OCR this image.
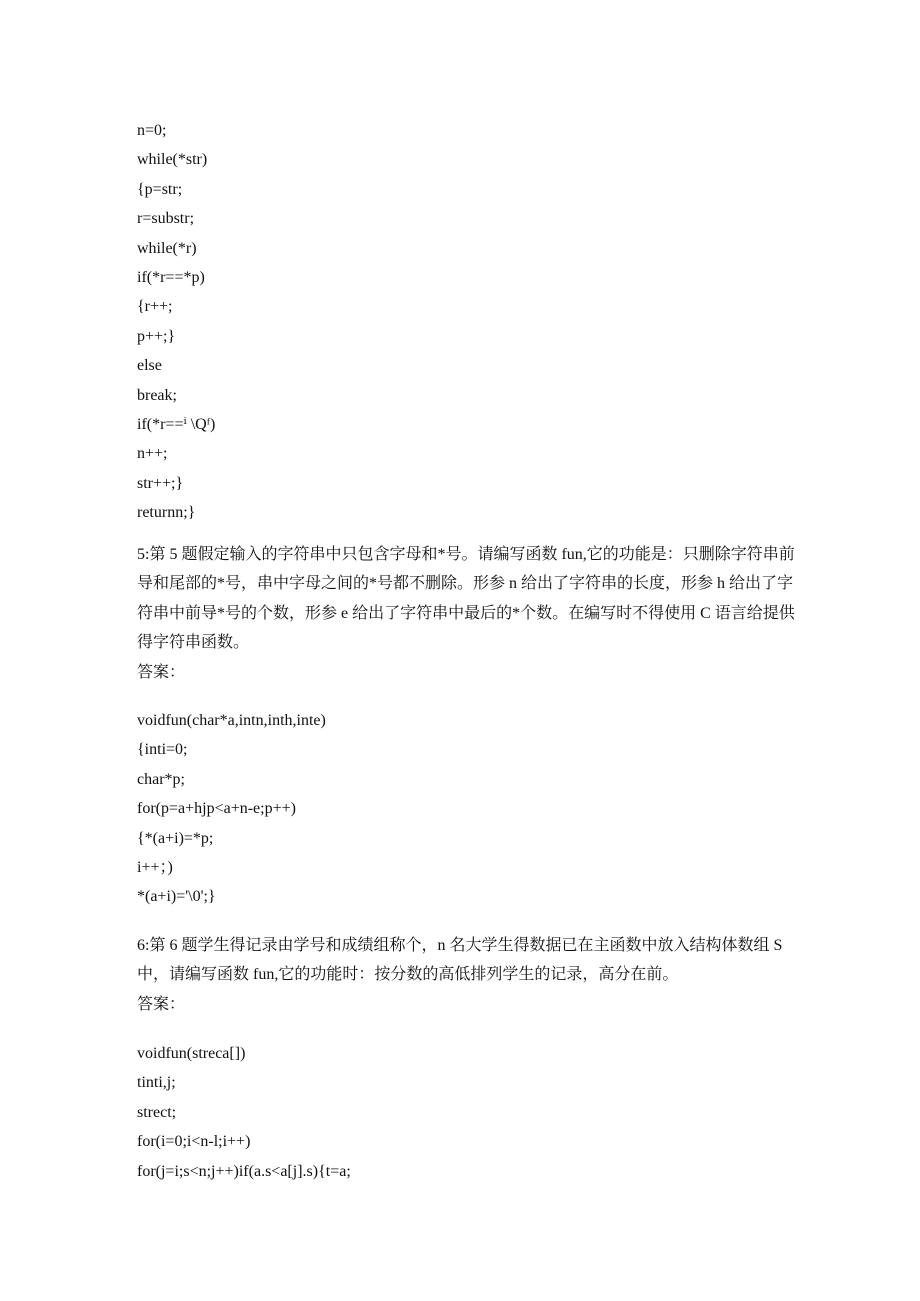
n=0;
while(*str)
{p=str;
r=substr;
while(*r)
if(*r==*p)
{r++;
p++;}
else
break;
if(*r==ⁱ \Qᶠ)
n++;
str++;}
returnn;}
5:第 5 题假定输入的字符串中只包含字母和*号。请编写函数 fun,它的功能是：只删除字符串前
导和尾部的*号，串中字母之间的*号都不删除。形参 n 给出了字符串的长度，形参 h 给出了字
符串中前导*号的个数，形参 e 给出了字符串中最后的*个数。在编写时不得使用 C 语言给提供
得字符串函数。
答案：
voidfun(char*a,intn,inth,inte)
{inti=0;
char*p;
for(p=a+hjp<a+n-e;p++)
{*(a+i)=*p;
i++；)
*(a+i)='\0';}
6:第 6 题学生得记录由学号和成绩组称个，n 名大学生得数据已在主函数中放入结构体数组 S
中，请编写函数 fun,它的功能时：按分数的高低排列学生的记录，高分在前。
答案：
voidfun(streca[])
tinti,j;
strect;
for(i=0;i<n-l;i++)
for(j=i;s<n;j++)if(a.s<a[j].s){t=a;
